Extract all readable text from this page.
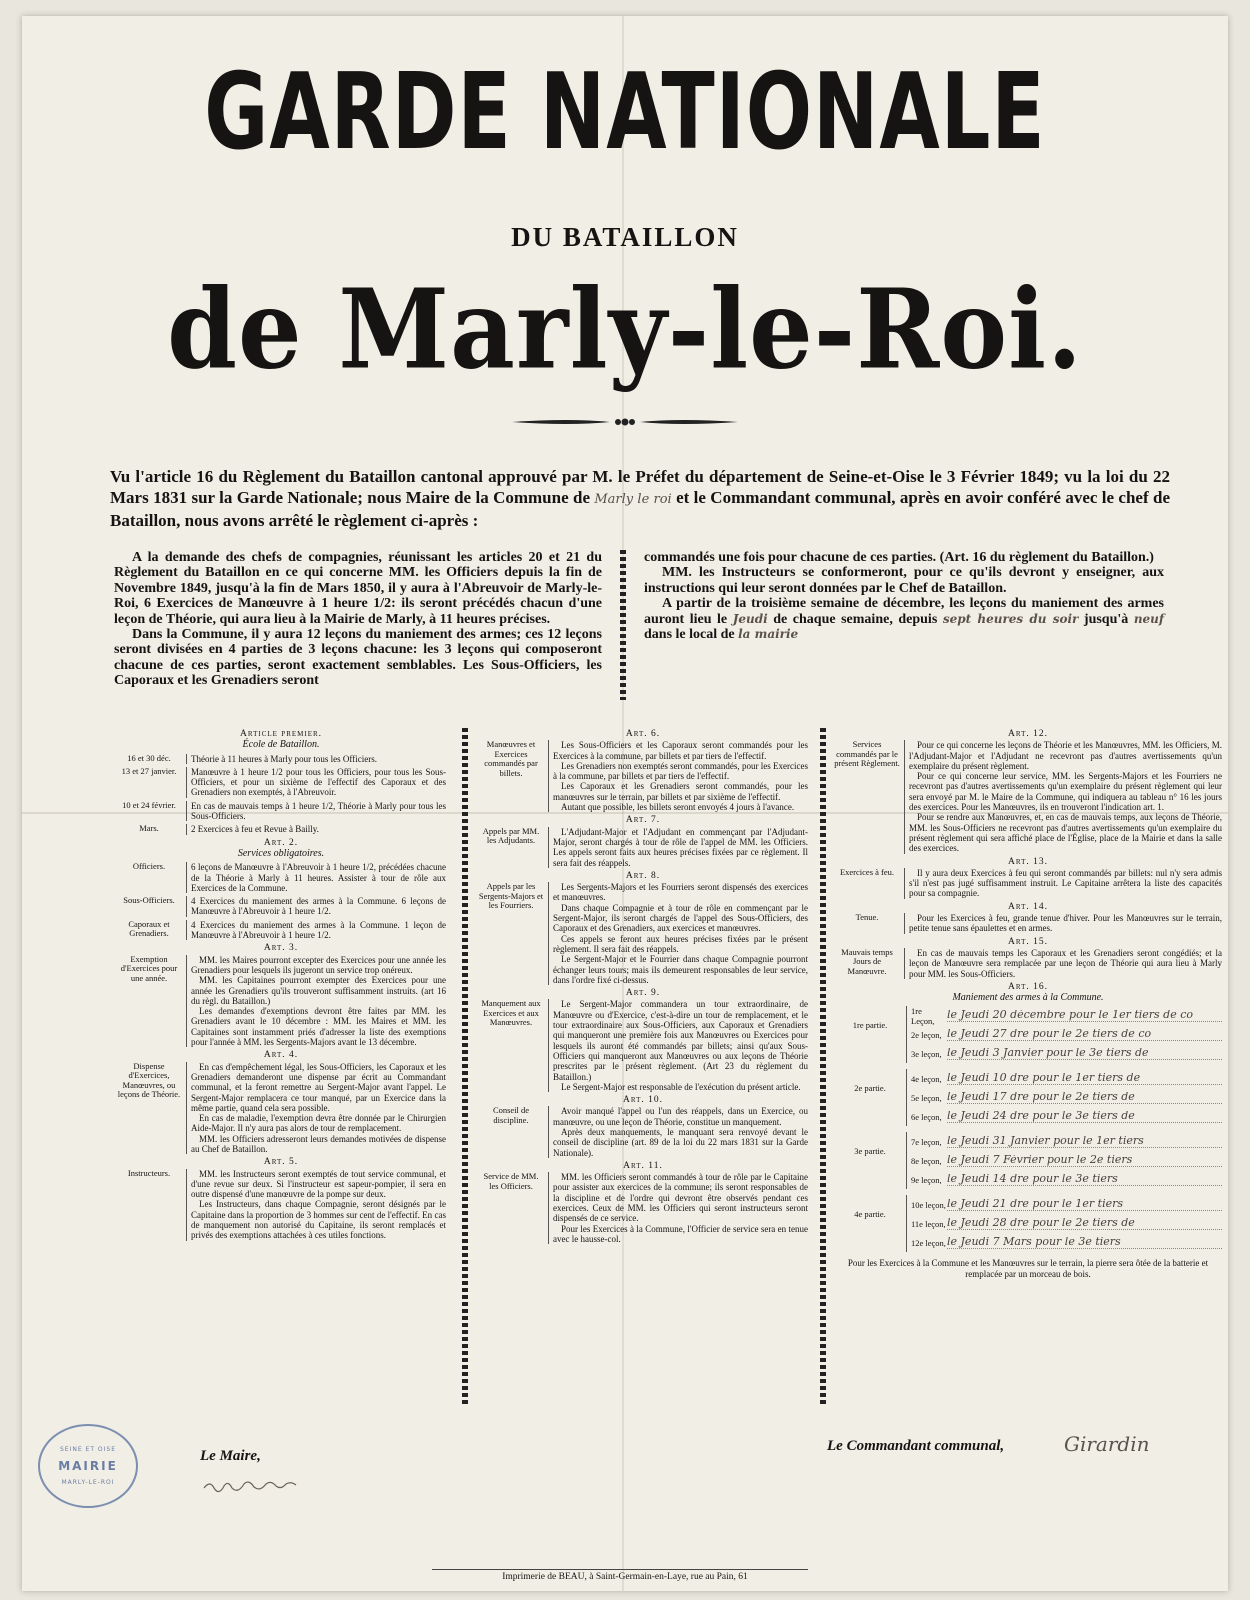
GARDE NATIONALE
DU BATAILLON
de Marly-le-Roi.
Vu l'article 16 du Règlement du Bataillon cantonal approuvé par M. le Préfet du département de Seine-et-Oise le 3 Février 1849; vu la loi du 22 Mars 1831 sur la Garde Nationale; nous Maire de la Commune de Marly le roi et le Commandant communal, après en avoir conféré avec le chef de Bataillon, nous avons arrêté le règlement ci-après :

A la demande des chefs de compagnies, réunissant les articles 20 et 21 du Règlement du Bataillon en ce qui concerne MM. les Officiers depuis la fin de Novembre 1849, jusqu'à la fin de Mars 1850, il y aura à l'Abreuvoir de Marly-le-Roi, 6 Exercices de Manœuvre à 1 heure 1/2: ils seront précédés chacun d'une leçon de Théorie, qui aura lieu à la Mairie de Marly, à 11 heures précises.

Dans la Commune, il y aura 12 leçons du maniement des armes; ces 12 leçons seront divisées en 4 parties de 3 leçons chacune: les 3 leçons qui composeront chacune de ces parties, seront exactement semblables. Les Sous-Officiers, les Caporaux et les Grenadiers seront

commandés une fois pour chacune de ces parties. (Art. 16 du règlement du Bataillon.)

MM. les Instructeurs se conformeront, pour ce qu'ils devront y enseigner, aux instructions qui leur seront données par le Chef de Bataillon.

A partir de la troisième semaine de décembre, les leçons du maniement des armes auront lieu le Jeudi de chaque semaine, depuis sept heures du soir jusqu'à neuf dans le local de la mairie

Article premier.
École de Bataillon.
16 et 30 déc.	Théorie à 11 heures à Marly pour tous les Officiers.
13 et 27 janvier.	Manœuvre à 1 heure 1/2 pour tous les Officiers, pour tous les Sous-Officiers, et pour un sixième de l'effectif des Caporaux et des Grenadiers non exemptés, à l'Abreuvoir.
10 et 24 février.	En cas de mauvais temps à 1 heure 1/2, Théorie à Marly pour tous les Sous-Officiers.
Mars.	2 Exercices à feu et Revue à Bailly.
Art. 2.
Services obligatoires.
Officiers.	6 leçons de Manœuvre à l'Abreuvoir à 1 heure 1/2, précédées chacune de la Théorie à Marly à 11 heures. Assister à tour de rôle aux Exercices de la Commune.
Sous-Officiers.	4 Exercices du maniement des armes à la Commune. 6 leçons de Manœuvre à l'Abreuvoir à 1 heure 1/2.
Caporaux et Grenadiers.
4 Exercices du maniement des armes à la Commune. 1 leçon de Manœuvre à l'Abreuvoir à 1 heure 1/2.
Art. 3.
Exemption d'Exercices pour une année.
MM. les Maires pourront excepter des Exercices pour une année les Grenadiers pour lesquels ils jugeront un service trop onéreux.
MM. les Capitaines pourront exempter des Exercices pour une année les Grenadiers qu'ils trouveront suffisamment instruits. (art 16 du règl. du Bataillon.)
Les demandes d'exemptions devront être faites par MM. les Grenadiers avant le 10 décembre : MM. les Maires et MM. les Capitaines sont instamment priés d'adresser la liste des exemptions pour l'année à MM. les Sergents-Majors avant le 13 décembre.
Art. 4.
Dispense d'Exercices, Manœuvres, ou leçons de Théorie.
En cas d'empêchement légal, les Sous-Officiers, les Caporaux et les Grenadiers demanderont une dispense par écrit au Commandant communal, et la feront remettre au Sergent-Major avant l'appel. Le Sergent-Major remplacera ce tour manqué, par un Exercice dans la même partie, quand cela sera possible.
En cas de maladie, l'exemption devra être donnée par le Chirurgien Aide-Major. Il n'y aura pas alors de tour de remplacement.
MM. les Officiers adresseront leurs demandes motivées de dispense au Chef de Bataillon.
Art. 5.
Instructeurs.	MM. les Instructeurs seront exemptés de tout service communal, et d'une revue sur deux. Si l'instructeur est sapeur-pompier, il sera en outre dispensé d'une manœuvre de la pompe sur deux.
Les Instructeurs, dans chaque Compagnie, seront désignés par le Capitaine dans la proportion de 3 hommes sur cent de l'effectif. En cas de manquement non autorisé du Capitaine, ils seront remplacés et privés des exemptions attachées à ces utiles fonctions.
Art. 6.
Manœuvres et Exercices commandés par billets.
Les Sous-Officiers et les Caporaux seront commandés pour les Exercices à la commune, par billets et par tiers de l'effectif.
Les Grenadiers non exemptés seront commandés, pour les Exercices à la commune, par billets et par tiers de l'effectif.
Les Caporaux et les Grenadiers seront commandés, pour les manœuvres sur le terrain, par billets et par sixième de l'effectif.
Autant que possible, les billets seront envoyés 4 jours à l'avance.
Art. 7.
Appels par MM. les Adjudants.
L'Adjudant-Major et l'Adjudant en commençant par l'Adjudant-Major, seront chargés à tour de rôle de l'appel de MM. les Officiers. Les appels seront faits aux heures précises fixées par ce règlement. Il sera fait des réappels.
Art. 8.
Appels par les Sergents-Majors et les Fourriers.
Les Sergents-Majors et les Fourriers seront dispensés des exercices et manœuvres.
Dans chaque Compagnie et à tour de rôle en commençant par le Sergent-Major, ils seront chargés de l'appel des Sous-Officiers, des Caporaux et des Grenadiers, aux exercices et manœuvres.
Ces appels se feront aux heures précises fixées par le présent règlement. Il sera fait des réappels.
Le Sergent-Major et le Fourrier dans chaque Compagnie pourront échanger leurs tours; mais ils demeurent responsables de leur service, dans l'ordre fixé ci-dessus.
Art. 9.
Manquement aux Exercices et aux Manœuvres.
Le Sergent-Major commandera un tour extraordinaire, de Manœuvre ou d'Exercice, c'est-à-dire un tour de remplacement, et le tour extraordinaire aux Sous-Officiers, aux Caporaux et Grenadiers qui manqueront une première fois aux Manœuvres ou Exercices pour lesquels ils auront été commandés par billets; ainsi qu'aux Sous-Officiers qui manqueront aux Manœuvres ou aux leçons de Théorie prescrites par le présent règlement. (Art 23 du règlement du Bataillon.)
Le Sergent-Major est responsable de l'exécution du présent article.
Art. 10.
Conseil de discipline.
Avoir manqué l'appel ou l'un des réappels, dans un Exercice, ou manœuvre, ou une leçon de Théorie, constitue un manquement.
Après deux manquements, le manquant sera renvoyé devant le conseil de discipline (art. 89 de la loi du 22 mars 1831 sur la Garde Nationale).
Art. 11.
Service de MM. les Officiers.
MM. les Officiers seront commandés à tour de rôle par le Capitaine pour assister aux exercices de la commune; ils seront responsables de la discipline et de l'ordre qui devront être observés pendant ces exercices. Ceux de MM. les Officiers qui seront instructeurs seront dispensés de ce service.
Pour les Exercices à la Commune, l'Officier de service sera en tenue avec le hausse-col.
Art. 12.
Services commandés par le présent Règlement.
Pour ce qui concerne les leçons de Théorie et les Manœuvres, MM. les Officiers, M. l'Adjudant-Major et l'Adjudant ne recevront pas d'autres avertissements qu'un exemplaire du présent règlement.
Pour ce qui concerne leur service, MM. les Sergents-Majors et les Fourriers ne recevront pas d'autres avertissements qu'un exemplaire du présent règlement qui leur sera envoyé par M. le Maire de la Commune, qui indiquera au tableau n° 16 les jours des exercices. Pour les Manœuvres, ils en trouveront l'indication art. 1.
Pour se rendre aux Manœuvres, et, en cas de mauvais temps, aux leçons de Théorie, MM. les Sous-Officiers ne recevront pas d'autres avertissements qu'un exemplaire du présent règlement qui sera affiché place de l'Église, place de la Mairie et dans la salle des exercices.
Art. 13.
Exercices à feu.	Il y aura deux Exercices à feu qui seront commandés par billets: nul n'y sera admis s'il n'est pas jugé suffisamment instruit. Le Capitaine arrêtera la liste des capacités pour sa compagnie.
Art. 14.
Tenue.	Pour les Exercices à feu, grande tenue d'hiver. Pour les Manœuvres sur le terrain, petite tenue sans épaulettes et en armes.
Art. 15.
Mauvais temps Jours de Manœuvre.
En cas de mauvais temps les Caporaux et les Grenadiers seront congédiés; et la leçon de Manœuvre sera remplacée par une leçon de Théorie qui aura lieu à Marly pour MM. les Sous-Officiers.
Art. 16.
Maniement des armes à la Commune.
1re partie.
1re Leçon,	le Jeudi 20 décembre pour le 1er tiers de co
2e leçon, le Jeudi 27 dre pour le 2e tiers de co
3e leçon, le Jeudi 3 Janvier pour le 3e tiers de
2e partie.
4e leçon, le Jeudi 10 dre pour le 1er tiers de
5e leçon, le Jeudi 17 dre pour le 2e tiers de
6e leçon, le Jeudi 24 dre pour le 3e tiers de
3e partie.
7e leçon, le Jeudi 31 Janvier pour le 1er tiers
8e leçon, le Jeudi 7 Février pour le 2e tiers
9e leçon, le Jeudi 14 dre pour le 3e tiers
4e partie.
10e leçon, le Jeudi 21 dre pour le 1er tiers
11e leçon, le Jeudi 28 dre pour le 2e tiers de
12e leçon, le Jeudi 7 Mars pour le 3e tiers
Pour les Exercices à la Commune et les Manœuvres sur le terrain, la pierre sera ôtée de la batterie et remplacée par un morceau de bois.
Le Maire,
Le Commandant communal,	Girardin
SEINE ET OISE
MAIRIE
MARLY-LE-ROI
Imprimerie de BEAU, à Saint-Germain-en-Laye, rue au Pain, 61
